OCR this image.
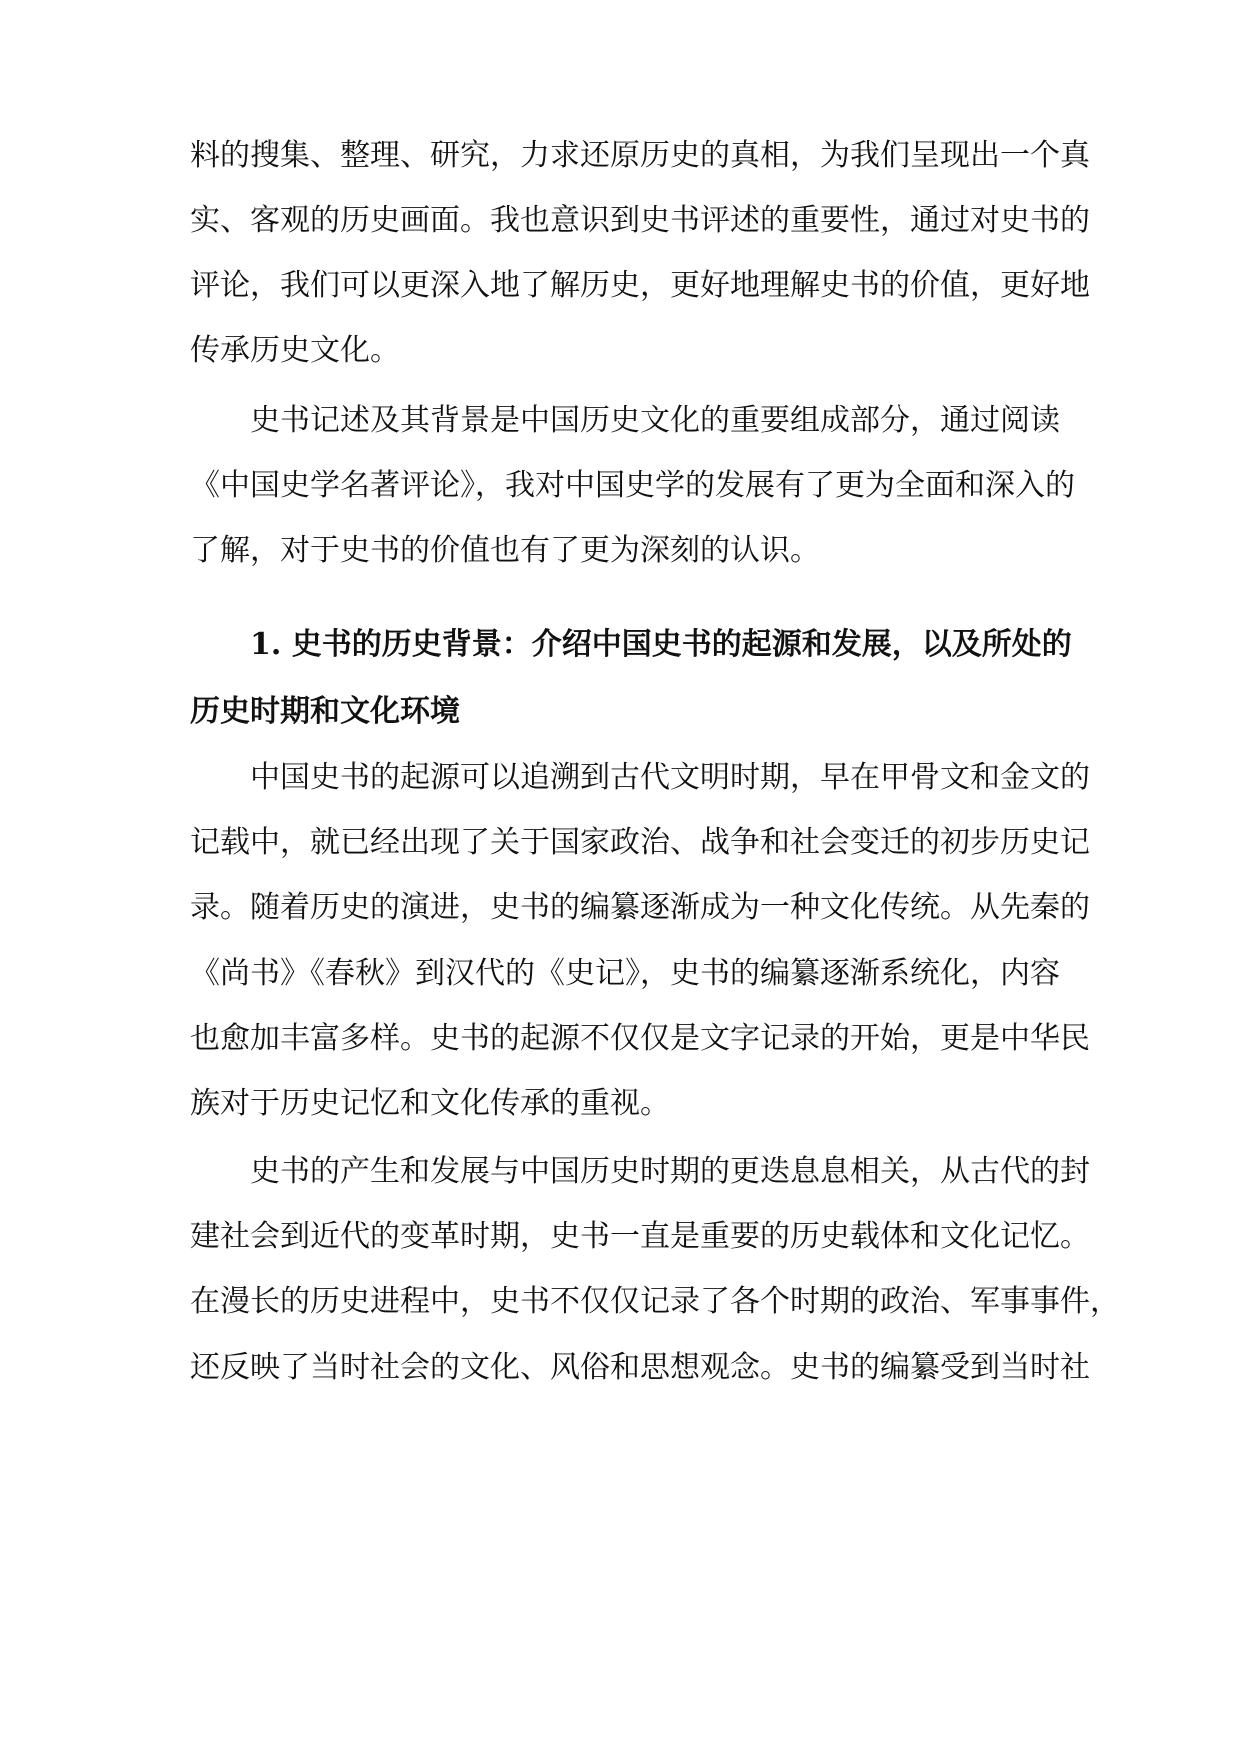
料的搜集、整理、研究，力求还原历史的真相，为我们呈现出一个真
实、客观的历史画面。我也意识到史书评述的重要性，通过对史书的
评论，我们可以更深入地了解历史，更好地理解史书的价值，更好地
传承历史文化。
史书记述及其背景是中国历史文化的重要组成部分，通过阅读
《中国史学名著评论》，我对中国史学的发展有了更为全面和深入的
了解，对于史书的价值也有了更为深刻的认识。
1. 史书的历史背景：介绍中国史书的起源和发展，以及所处的
历史时期和文化环境
中国史书的起源可以追溯到古代文明时期，早在甲骨文和金文的
记载中，就已经出现了关于国家政治、战争和社会变迁的初步历史记
录。随着历史的演进，史书的编纂逐渐成为一种文化传统。从先秦的
《尚书》《春秋》到汉代的《史记》，史书的编纂逐渐系统化，内容
也愈加丰富多样。史书的起源不仅仅是文字记录的开始，更是中华民
族对于历史记忆和文化传承的重视。
史书的产生和发展与中国历史时期的更迭息息相关，从古代的封
建社会到近代的变革时期，史书一直是重要的历史载体和文化记忆。
在漫长的历史进程中，史书不仅仅记录了各个时期的政治、军事事件，
还反映了当时社会的文化、风俗和思想观念。史书的编纂受到当时社
